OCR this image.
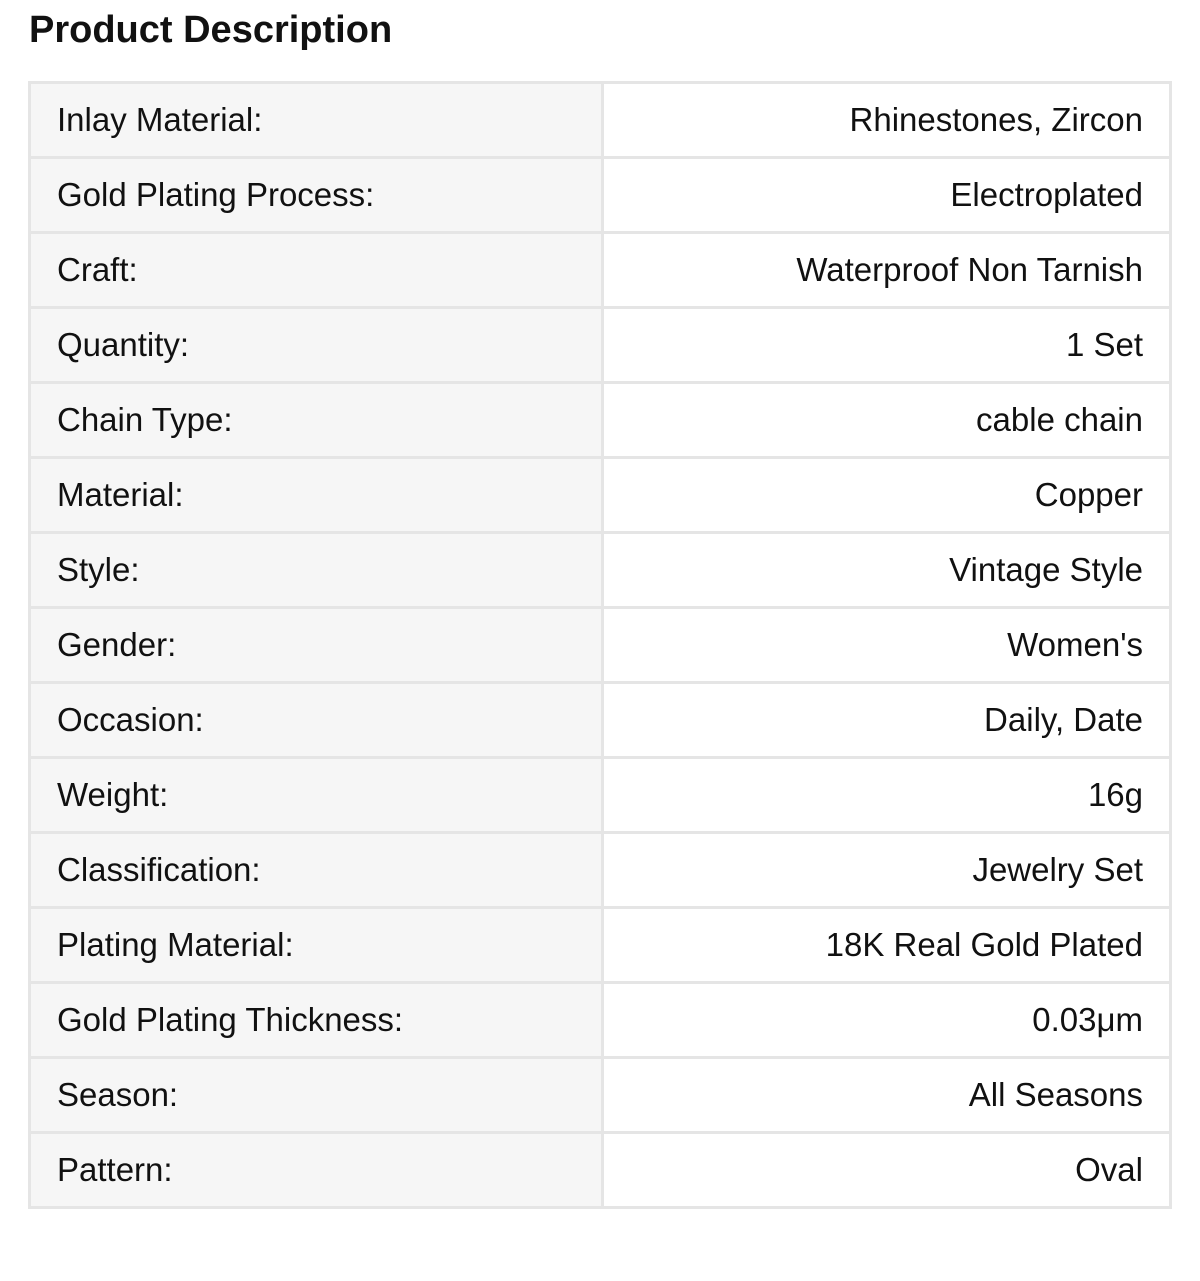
Product Description
Inlay Material:	Rhinestones, Zircon
Gold Plating Process:	Electroplated
Craft:	Waterproof Non Tarnish
Quantity:	1 Set
Chain Type:	cable chain
Material:	Copper
Style:	Vintage Style
Gender:	Women's
Occasion:	Daily, Date
Weight:	16g
Classification:	Jewelry Set
Plating Material:	18K Real Gold Plated
Gold Plating Thickness:	0.03μm
Season:	All Seasons
Pattern:	Oval
